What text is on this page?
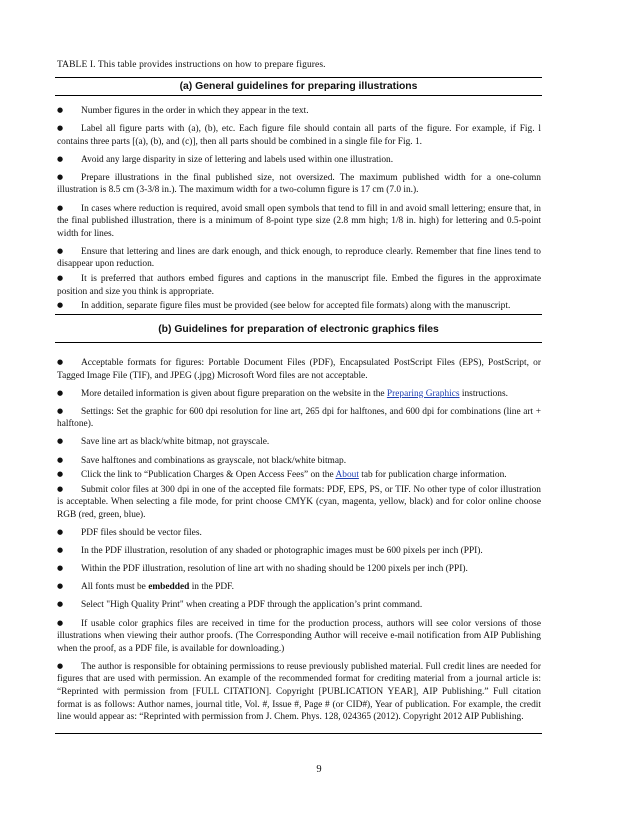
TABLE I. This table provides instructions on how to prepare figures.
(a) General guidelines for preparing illustrations

● Number figures in the order in which they appear in the text.

● Label all figure parts with (a), (b), etc. Each figure file should contain all parts of the figure. For example, if Fig. l contains three parts [(a), (b), and (c)], then all parts should be combined in a single file for Fig. 1.

● Avoid any large disparity in size of lettering and labels used within one illustration.

● Prepare illustrations in the final published size, not oversized. The maximum published width for a one-column illustration is 8.5 cm (3-3/8 in.). The maximum width for a two-column figure is 17 cm (7.0 in.).

● In cases where reduction is required, avoid small open symbols that tend to fill in and avoid small lettering; ensure that, in the final published illustration, there is a minimum of 8-point type size (2.8 mm high; 1/8 in. high) for lettering and 0.5-point width for lines.

● Ensure that lettering and lines are dark enough, and thick enough, to reproduce clearly. Remember that fine lines tend to disappear upon reduction.

● It is preferred that authors embed figures and captions in the manuscript file. Embed the figures in the approximate position and size you think is appropriate.

● In addition, separate figure files must be provided (see below for accepted file formats) along with the manuscript.

(b) Guidelines for preparation of electronic graphics files

● Acceptable formats for figures: Portable Document Files (PDF), Encapsulated PostScript Files (EPS), PostScript, or Tagged Image File (TIF), and JPEG (.jpg) Microsoft Word files are not acceptable.

● More detailed information is given about figure preparation on the website in the Preparing Graphics instructions.

● Settings: Set the graphic for 600 dpi resolution for line art, 265 dpi for halftones, and 600 dpi for combinations (line art + halftone).

● Save line art as black/white bitmap, not grayscale.

● Save halftones and combinations as grayscale, not black/white bitmap.

● Click the link to “Publication Charges & Open Access Fees” on the About tab for publication charge information.

● Submit color files at 300 dpi in one of the accepted file formats: PDF, EPS, PS, or TIF. No other type of color illustration is acceptable. When selecting a file mode, for print choose CMYK (cyan, magenta, yellow, black) and for color online choose RGB (red, green, blue).

● PDF files should be vector files.

● In the PDF illustration, resolution of any shaded or photographic images must be 600 pixels per inch (PPI).

● Within the PDF illustration, resolution of line art with no shading should be 1200 pixels per inch (PPI).

● All fonts must be embedded in the PDF.

● Select "High Quality Print" when creating a PDF through the application’s print command.

● If usable color graphics files are received in time for the production process, authors will see color versions of those illustrations when viewing their author proofs. (The Corresponding Author will receive e-mail notification from AIP Publishing when the proof, as a PDF file, is available for downloading.)

● The author is responsible for obtaining permissions to reuse previously published material. Full credit lines are needed for figures that are used with permission. An example of the recommended format for crediting material from a journal article is: “Reprinted with permission from [FULL CITATION]. Copyright [PUBLICATION YEAR], AIP Publishing.” Full citation format is as follows: Author names, journal title, Vol. #, Issue #, Page # (or CID#), Year of publication. For example, the credit line would appear as: “Reprinted with permission from J. Chem. Phys. 128, 024365 (2012). Copyright 2012 AIP Publishing.

9
